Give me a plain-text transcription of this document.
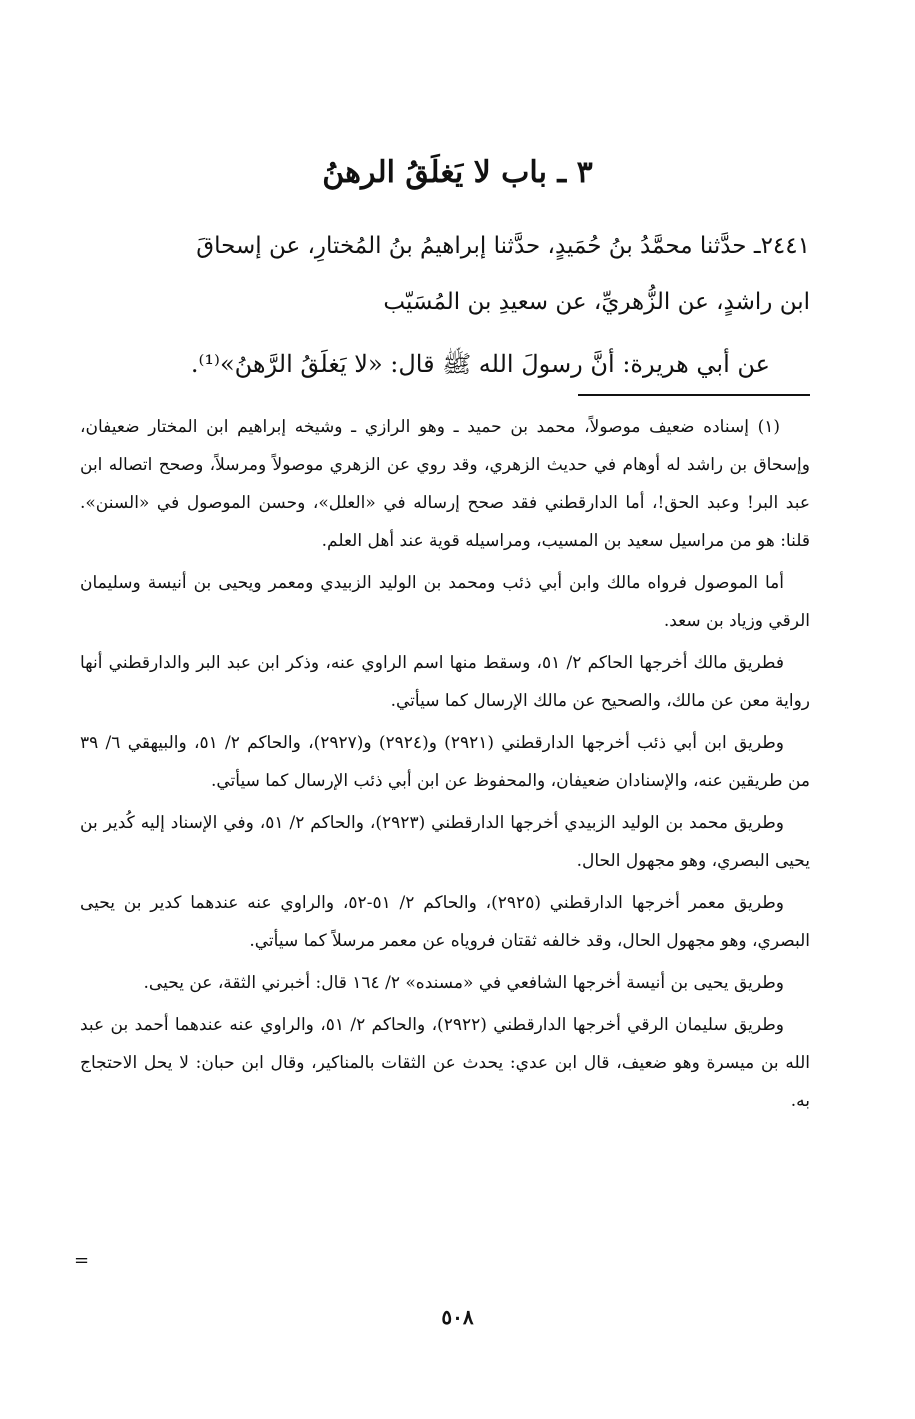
٣ ـ باب لا يَغلَقُ الرهنُ

٢٤٤١ـ حدَّثنا محمَّدُ بنُ حُمَيدٍ، حدَّثنا إبراهيمُ بنُ المُختارِ، عن إسحاقَ

ابن راشدٍ، عن الزُّهريِّ، عن سعيدِ بن المُسَيّب

عن أبي هريرة: أنَّ رسولَ الله ﷺ قال: «لا يَغلَقُ الرَّهنُ»⁽¹⁾.

(١) إسناده ضعيف موصولاً، محمد بن حميد ـ وهو الرازي ـ وشيخه إبراهيم ابن المختار ضعيفان، وإسحاق بن راشد له أوهام في حديث الزهري، وقد روي عن الزهري موصولاً ومرسلاً، وصحح اتصاله ابن عبد البر! وعبد الحق!، أما الدارقطني فقد صحح إرساله في «العلل»، وحسن الموصول في «السنن». قلنا: هو من مراسيل سعيد بن المسيب، ومراسيله قوية عند أهل العلم.

أما الموصول فرواه مالك وابن أبي ذئب ومحمد بن الوليد الزبيدي ومعمر ويحيى بن أنيسة وسليمان الرقي وزياد بن سعد.

فطريق مالك أخرجها الحاكم ٢/ ٥١، وسقط منها اسم الراوي عنه، وذكر ابن عبد البر والدارقطني أنها رواية معن عن مالك، والصحيح عن مالك الإرسال كما سيأتي.

وطريق ابن أبي ذئب أخرجها الدارقطني (٢٩٢١) و(٢٩٢٤) و(٢٩٢٧)، والحاكم ٢/ ٥١، والبيهقي ٦/ ٣٩ من طريقين عنه، والإسنادان ضعيفان، والمحفوظ عن ابن أبي ذئب الإرسال كما سيأتي.

وطريق محمد بن الوليد الزبيدي أخرجها الدارقطني (٢٩٢٣)، والحاكم ٢/ ٥١، وفي الإسناد إليه كُدير بن يحيى البصري، وهو مجهول الحال.

وطريق معمر أخرجها الدارقطني (٢٩٢٥)، والحاكم ٢/ ٥١-٥٢، والراوي عنه عندهما كدير بن يحيى البصري، وهو مجهول الحال، وقد خالفه ثقتان فروياه عن معمر مرسلاً كما سيأتي.

وطريق يحيى بن أنيسة أخرجها الشافعي في «مسنده» ٢/ ١٦٤ قال: أخبرني الثقة، عن يحيى.

وطريق سليمان الرقي أخرجها الدارقطني (٢٩٢٢)، والحاكم ٢/ ٥١، والراوي عنه عندهما أحمد بن عبد الله بن ميسرة وهو ضعيف، قال ابن عدي: يحدث عن الثقات بالمناكير، وقال ابن حبان: لا يحل الاحتجاج به.

=
٥٠٨
